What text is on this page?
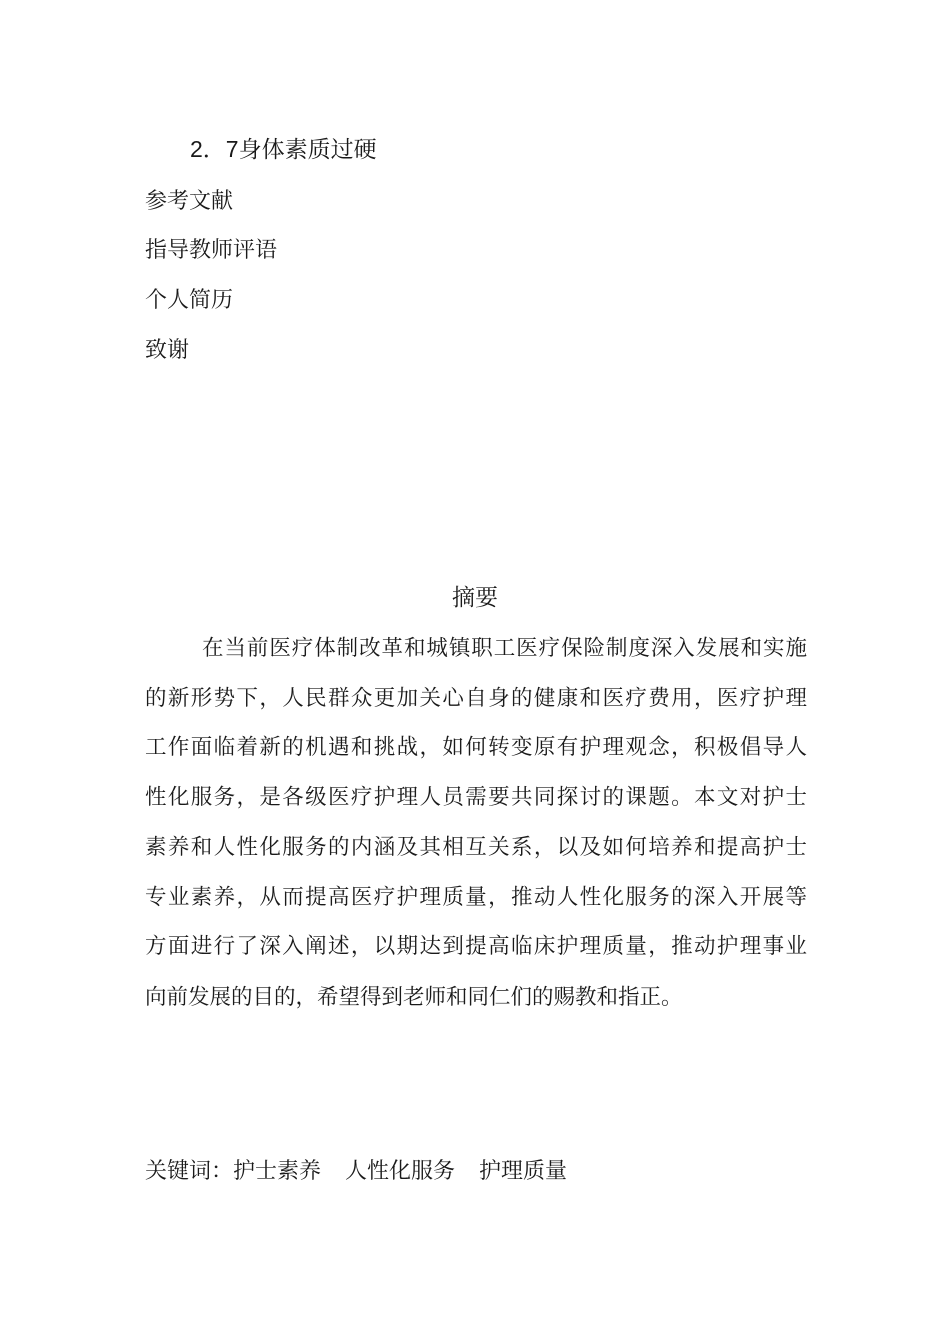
2．7身体素质过硬
参考文献
指导教师评语
个人简历
致谢
摘要
在当前医疗体制改革和城镇职工医疗保险制度深入发展和实施
的新形势下，人民群众更加关心自身的健康和医疗费用，医疗护理
工作面临着新的机遇和挑战，如何转变原有护理观念，积极倡导人
性化服务，是各级医疗护理人员需要共同探讨的课题。本文对护士
素养和人性化服务的内涵及其相互关系，以及如何培养和提高护士
专业素养，从而提高医疗护理质量，推动人性化服务的深入开展等
方面进行了深入阐述，以期达到提高临床护理质量，推动护理事业
向前发展的目的，希望得到老师和同仁们的赐教和指正。
关键词：护士素养 人性化服务 护理质量
